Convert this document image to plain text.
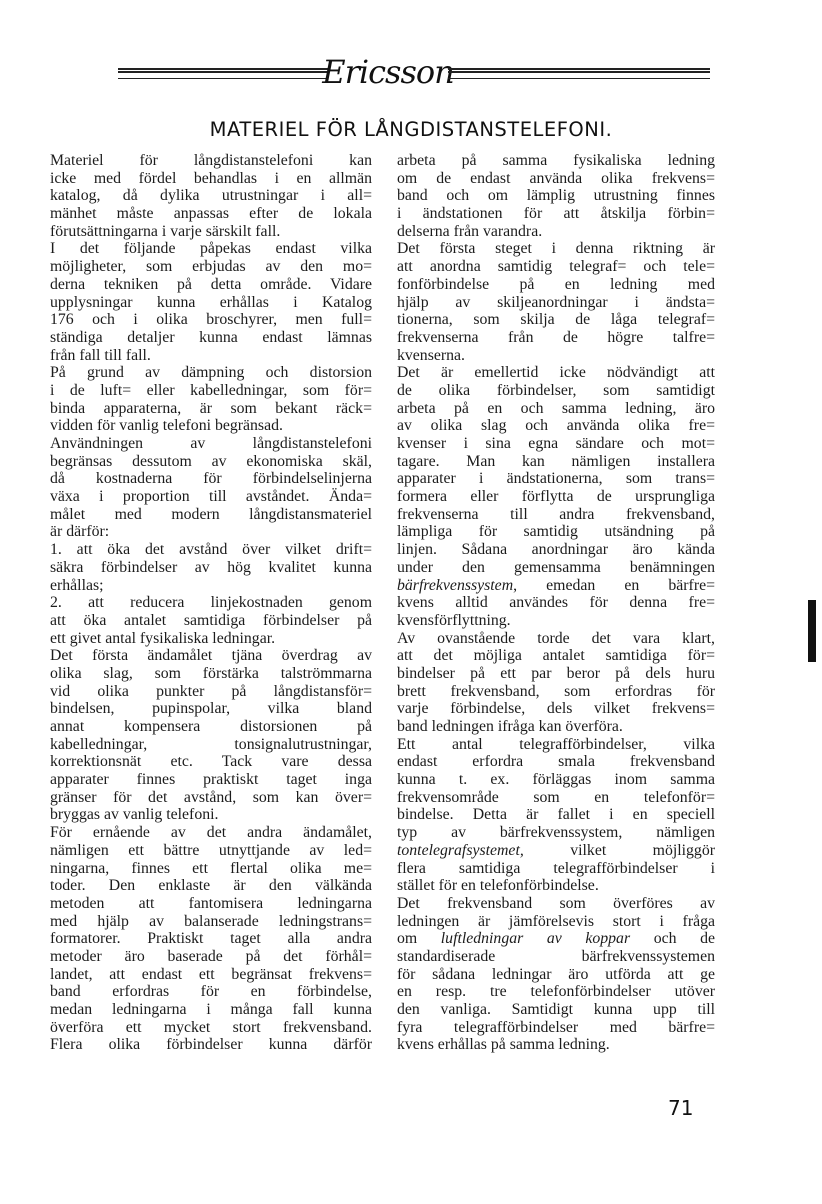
Ericsson
MATERIEL FÖR LÅNGDISTANSTELEFONI.
Materiel för långdistanstelefoni kan
icke med fördel behandlas i en allmän
katalog, då dylika utrustningar i all=
mänhet måste anpassas efter de lokala
förutsättningarna i varje särskilt fall.
I det följande påpekas endast vilka
möjligheter, som erbjudas av den mo=
derna tekniken på detta område. Vidare
upplysningar kunna erhållas i Katalog
176 och i olika broschyrer, men full=
ständiga detaljer kunna endast lämnas
från fall till fall.
På grund av dämpning och distorsion
i de luft= eller kabelledningar, som för=
binda apparaterna, är som bekant räck=
vidden för vanlig telefoni begränsad.
Användningen av långdistanstelefoni
begränsas dessutom av ekonomiska skäl,
då kostnaderna för förbindelselinjerna
växa i proportion till avståndet. Ända=
målet med modern långdistansmateriel
är därför:
1. att öka det avstånd över vilket drift=
säkra förbindelser av hög kvalitet kunna
erhållas;
2. att reducera linjekostnaden genom
att öka antalet samtidiga förbindelser på
ett givet antal fysikaliska ledningar.
Det första ändamålet tjäna överdrag av
olika slag, som förstärka talströmmarna
vid olika punkter på långdistansför=
bindelsen, pupinspolar, vilka bland
annat kompensera distorsionen på
kabelledningar, tonsignalutrustningar,
korrektionsnät etc. Tack vare dessa
apparater finnes praktiskt taget inga
gränser för det avstånd, som kan över=
bryggas av vanlig telefoni.
För ernående av det andra ändamålet,
nämligen ett bättre utnyttjande av led=
ningarna, finnes ett flertal olika me=
toder. Den enklaste är den välkända
metoden att fantomisera ledningarna
med hjälp av balanserade ledningstrans=
formatorer. Praktiskt taget alla andra
metoder äro baserade på det förhål=
landet, att endast ett begränsat frekvens=
band erfordras för en förbindelse,
medan ledningarna i många fall kunna
överföra ett mycket stort frekvensband.
Flera olika förbindelser kunna därför
arbeta på samma fysikaliska ledning
om de endast använda olika frekvens=
band och om lämplig utrustning finnes
i ändstationen för att åtskilja förbin=
delserna från varandra.
Det första steget i denna riktning är
att anordna samtidig telegraf= och tele=
fonförbindelse på en ledning med
hjälp av skiljeanordningar i ändsta=
tionerna, som skilja de låga telegraf=
frekvenserna från de högre talfre=
kvenserna.
Det är emellertid icke nödvändigt att
de olika förbindelser, som samtidigt
arbeta på en och samma ledning, äro
av olika slag och använda olika fre=
kvenser i sina egna sändare och mot=
tagare. Man kan nämligen installera
apparater i ändstationerna, som trans=
formera eller förflytta de ursprungliga
frekvenserna till andra frekvensband,
lämpliga för samtidig utsändning på
linjen. Sådana anordningar äro kända
under den gemensamma benämningen
bärfrekvenssystem, emedan en bärfre=
kvens alltid användes för denna fre=
kvensförflyttning.
Av ovanstående torde det vara klart,
att det möjliga antalet samtidiga för=
bindelser på ett par beror på dels huru
brett frekvensband, som erfordras för
varje förbindelse, dels vilket frekvens=
band ledningen ifråga kan överföra.
Ett antal telegrafförbindelser, vilka
endast erfordra smala frekvensband
kunna t. ex. förläggas inom samma
frekvensområde som en telefonför=
bindelse. Detta är fallet i en speciell
typ av bärfrekvenssystem, nämligen
tontelegrafsystemet, vilket möjliggör
flera samtidiga telegrafförbindelser i
stället för en telefonförbindelse.
Det frekvensband som överföres av
ledningen är jämförelsevis stort i fråga
om luftledningar av koppar och de
standardiserade bärfrekvenssystemen
för sådana ledningar äro utförda att ge
en resp. tre telefonförbindelser utöver
den vanliga. Samtidigt kunna upp till
fyra telegrafförbindelser med bärfre=
kvens erhållas på samma ledning.
71
